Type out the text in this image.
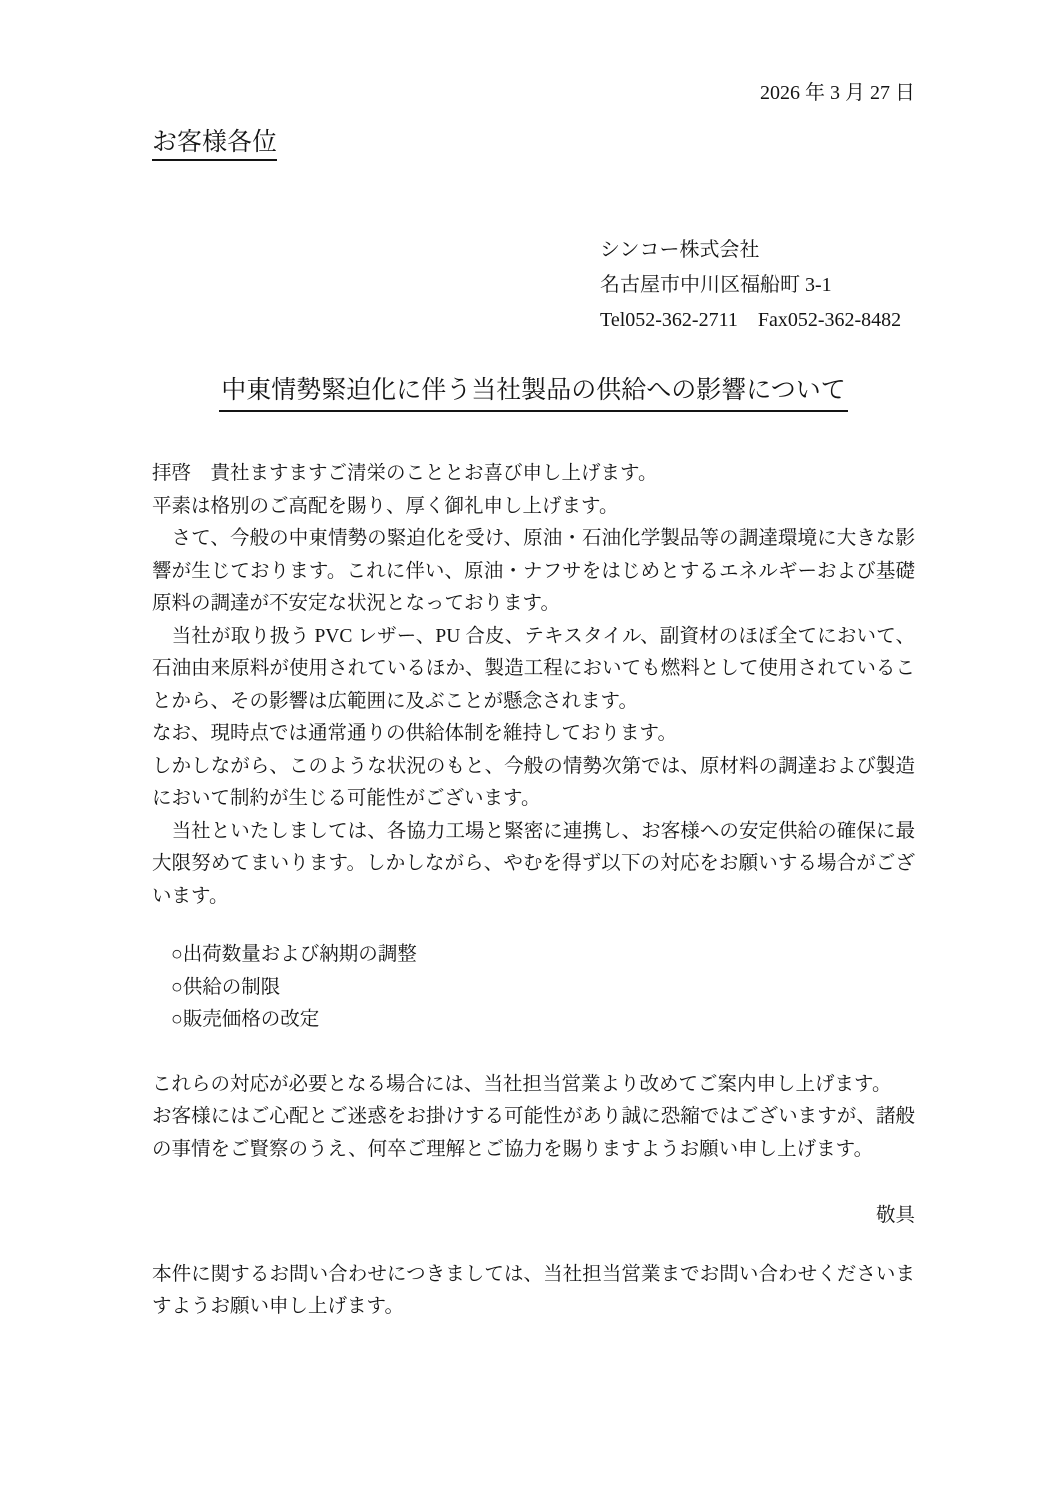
2026 年 3 月 27 日
お客様各位
シンコー株式会社
名古屋市中川区福船町 3-1
Tel052-362-2711　Fax052-362-8482
中東情勢緊迫化に伴う当社製品の供給への影響について

拝啓　貴社ますますご清栄のこととお喜び申し上げます。

平素は格別のご高配を賜り、厚く御礼申し上げます。

　さて、今般の中東情勢の緊迫化を受け、原油・石油化学製品等の調達環境に大きな影響が生じております。これに伴い、原油・ナフサをはじめとするエネルギーおよび基礎原料の調達が不安定な状況となっております。

　当社が取り扱う PVC レザー、PU 合皮、テキスタイル、副資材のほぼ全てにおいて、石油由来原料が使用されているほか、製造工程においても燃料として使用されていることから、その影響は広範囲に及ぶことが懸念されます。

なお、現時点では通常通りの供給体制を維持しております。

しかしながら、このような状況のもと、今般の情勢次第では、原材料の調達および製造において制約が生じる可能性がございます。

　当社といたしましては、各協力工場と緊密に連携し、お客様への安定供給の確保に最大限努めてまいります。しかしながら、やむを得ず以下の対応をお願いする場合がございます。

○出荷数量および納期の調整

○供給の制限

○販売価格の改定

これらの対応が必要となる場合には、当社担当営業より改めてご案内申し上げます。

お客様にはご心配とご迷惑をお掛けする可能性があり誠に恐縮ではございますが、諸般の事情をご賢察のうえ、何卒ご理解とご協力を賜りますようお願い申し上げます。

敬具

本件に関するお問い合わせにつきましては、当社担当営業までお問い合わせくださいますようお願い申し上げます。
